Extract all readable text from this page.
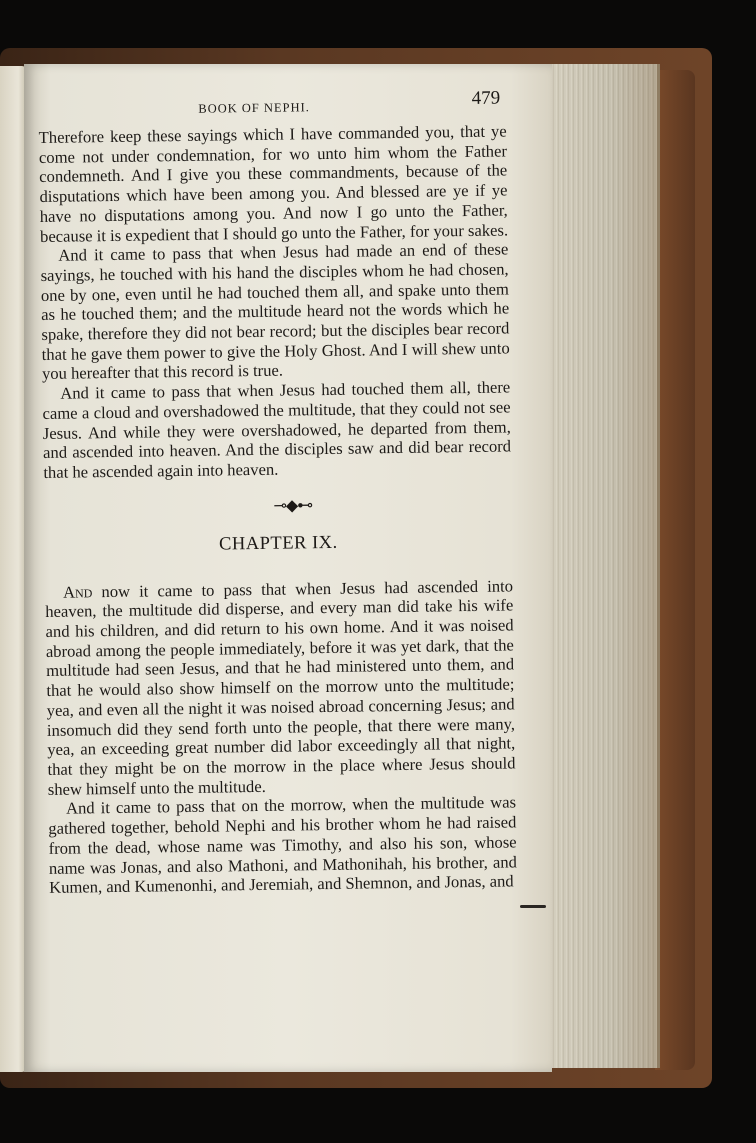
BOOK OF NEPHI.	479

Therefore keep these sayings which I have commanded you, that ye come not under condemnation, for wo unto him whom the Father condemneth. And I give you these commandments, because of the disputations which have been among you. And blessed are ye if ye have no disputations among you. And now I go unto the Father, because it is expedient that I should go unto the Father, for your sakes.

And it came to pass that when Jesus had made an end of these sayings, he touched with his hand the disciples whom he had chosen, one by one, even until he had touched them all, and spake unto them as he touched them; and the multitude heard not the words which he spake, therefore they did not bear record; but the disciples bear record that he gave them power to give the Holy Ghost. And I will shew unto you hereafter that this record is true.

And it came to pass that when Jesus had touched them all, there came a cloud and overshadowed the multitude, that they could not see Jesus. And while they were overshadowed, he departed from them, and ascended into heaven. And the disciples saw and did bear record that he ascended again into heaven.

⊸◆⊷
CHAPTER IX.

And now it came to pass that when Jesus had ascended into heaven, the multitude did disperse, and every man did take his wife and his children, and did return to his own home. And it was noised abroad among the people immediately, before it was yet dark, that the multitude had seen Jesus, and that he had ministered unto them, and that he would also show himself on the morrow unto the multitude; yea, and even all the night it was noised abroad concerning Jesus; and insomuch did they send forth unto the people, that there were many, yea, an exceeding great number did labor exceedingly all that night, that they might be on the morrow in the place where Jesus should shew himself unto the multitude.

And it came to pass that on the morrow, when the multitude was gathered together, behold Nephi and his brother whom he had raised from the dead, whose name was Timothy, and also his son, whose name was Jonas, and also Mathoni, and Mathonihah, his brother, and Kumen, and Kumenonhi, and Jeremiah, and Shemnon, and Jonas, and
